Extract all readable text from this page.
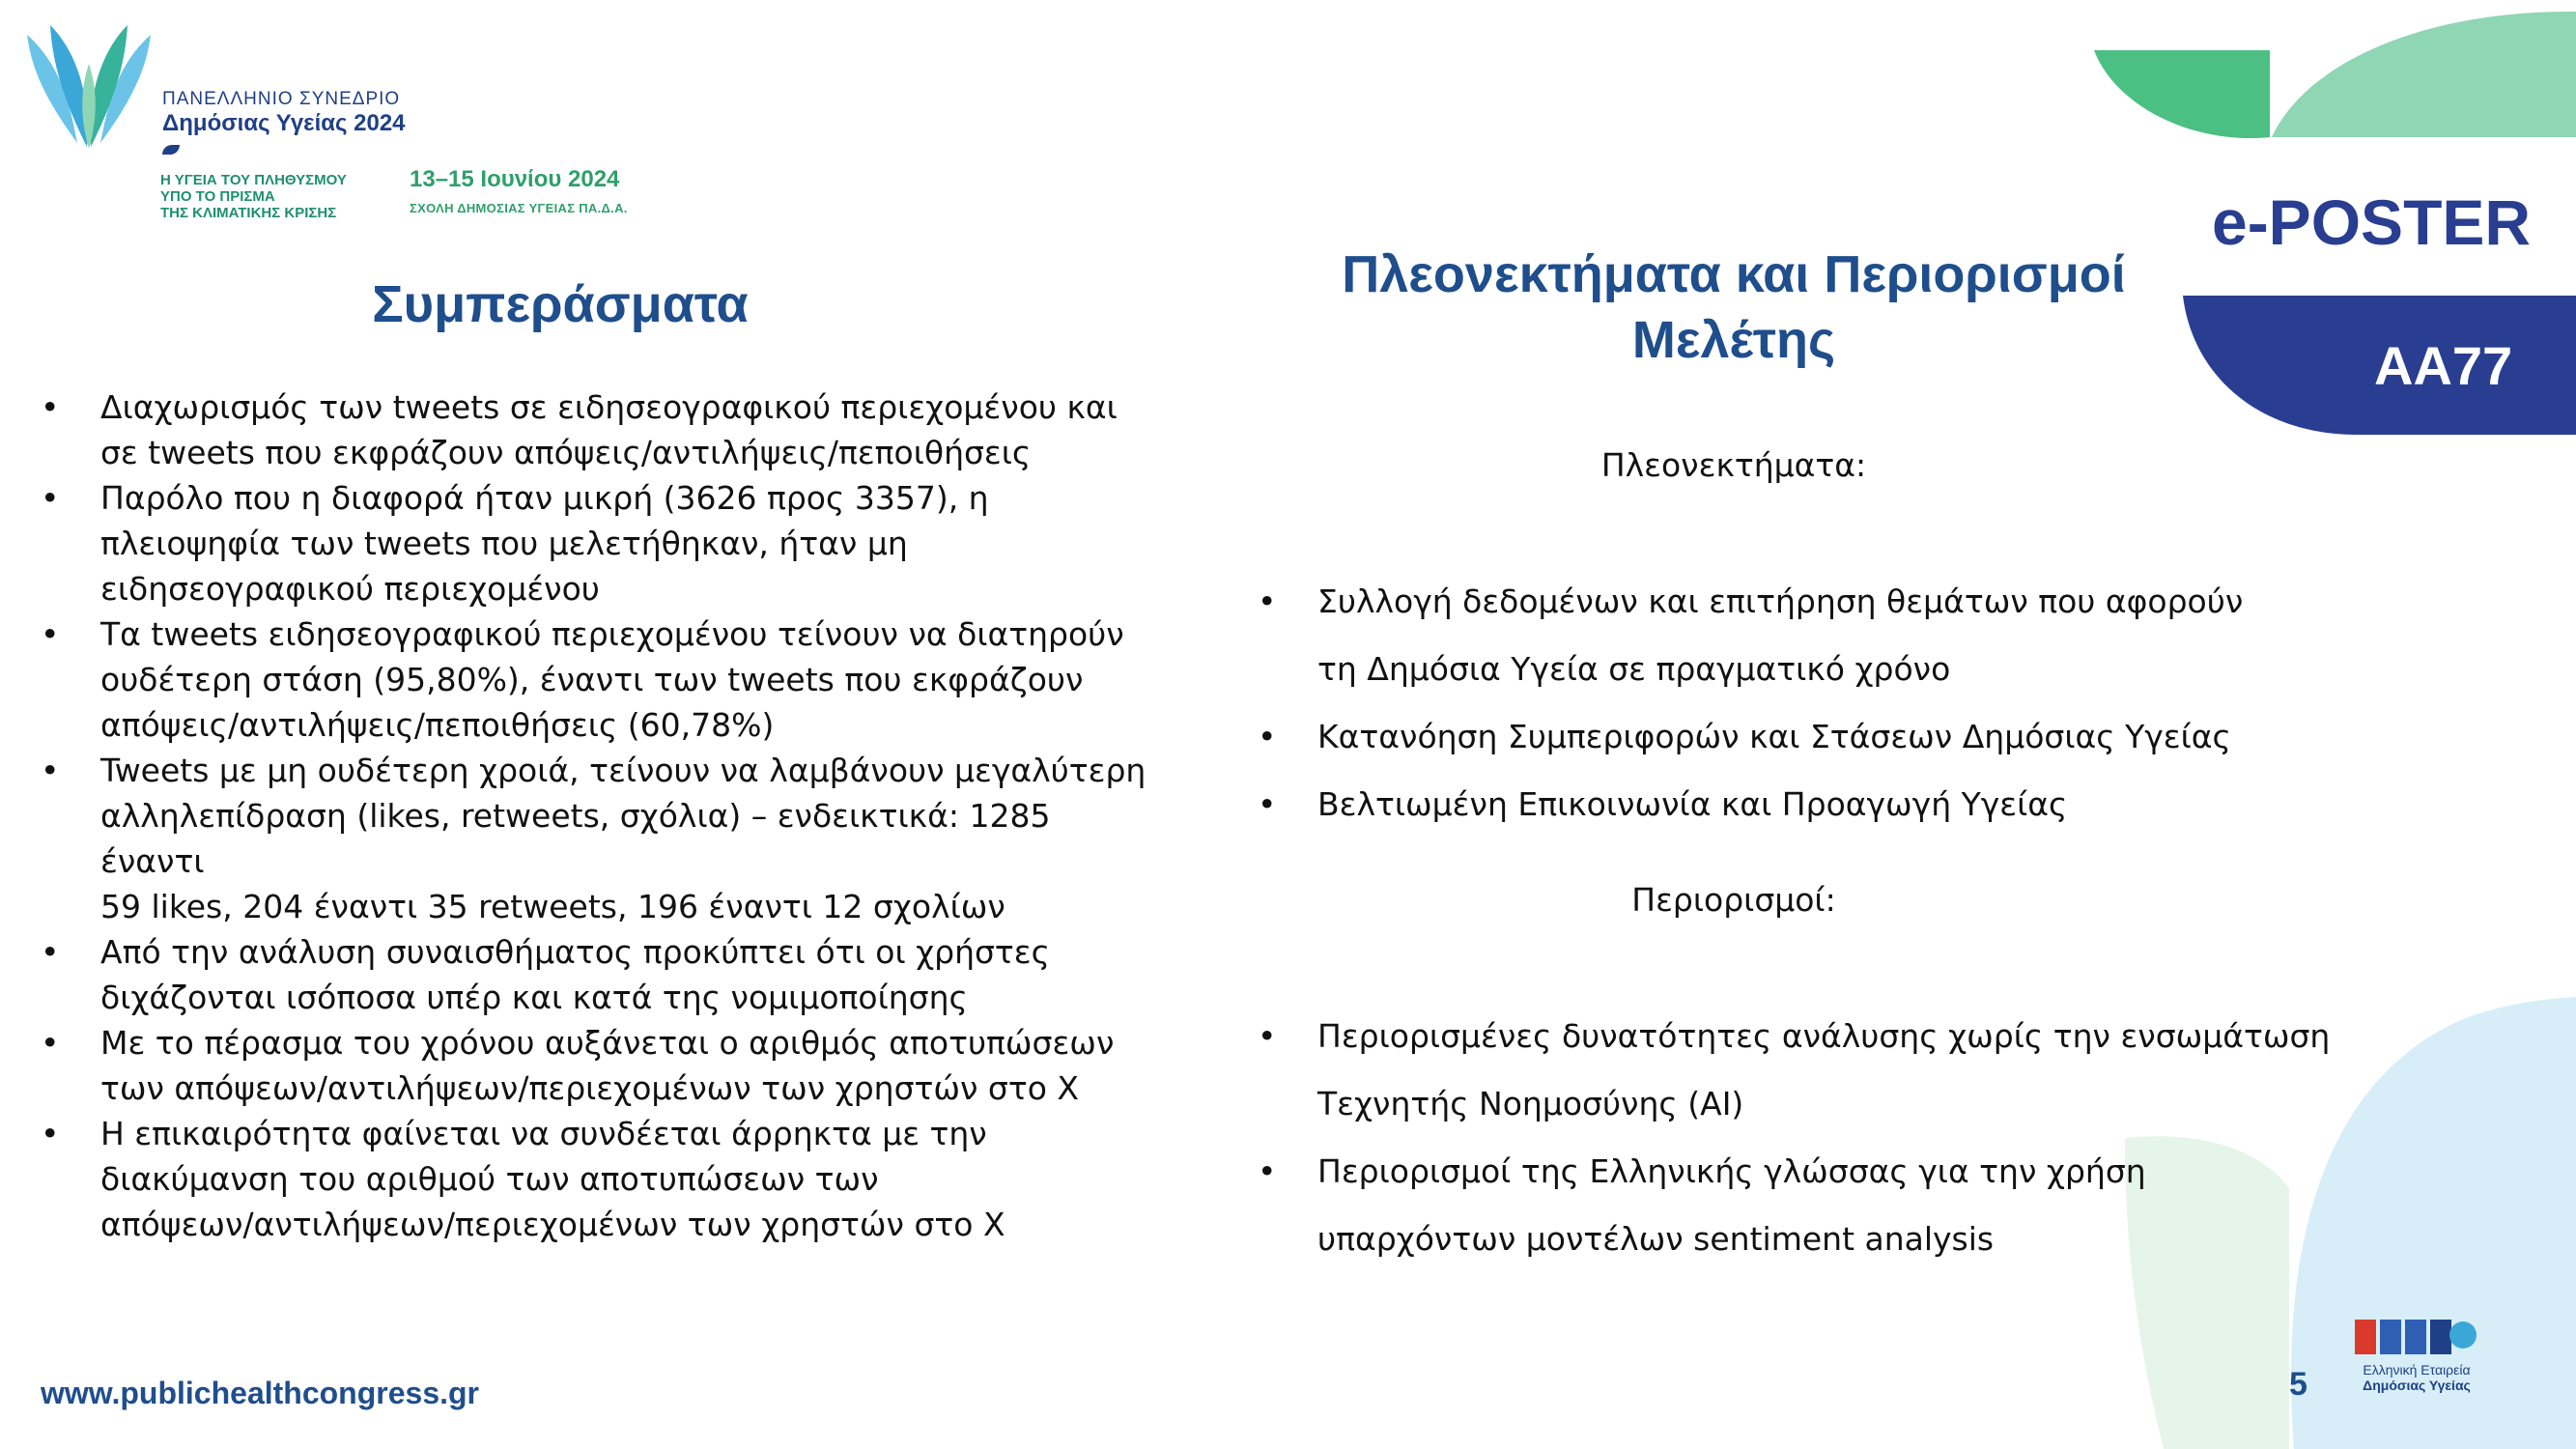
ΠΑΝΕΛΛΗΝΙΟ ΣΥΝΕΔΡΙΟ
Δημόσιας Υγείας 2024
Η ΥΓΕΙΑ ΤΟΥ ΠΛΗΘΥΣΜΟΥ
ΥΠΟ ΤΟ ΠΡΙΣΜΑ
ΤΗΣ ΚΛΙΜΑΤΙΚΗΣ ΚΡΙΣΗΣ
13–15 Ιουνίου 2024
ΣΧΟΛΗ ΔΗΜΟΣΙΑΣ ΥΓΕΙΑΣ ΠΑ.Δ.Α.	e-POSTER
AA77
Συμπεράσματα
• Διαχωρισμός των tweets σε ειδησεογραφικού περιεχομένου και
σε tweets που εκφράζουν απόψεις/αντιλήψεις/πεποιθήσεις
• Παρόλο που η διαφορά ήταν μικρή (3626 προς 3357), η
πλειοψηφία των tweets που μελετήθηκαν, ήταν μη
ειδησεογραφικού περιεχομένου
• Τα tweets ειδησεογραφικού περιεχομένου τείνουν να διατηρούν
ουδέτερη στάση (95,80%), έναντι των tweets που εκφράζουν
απόψεις/αντιλήψεις/πεποιθήσεις (60,78%)
• Tweets με μη ουδέτερη χροιά, τείνουν να λαμβάνουν μεγαλύτερη
αλληλεπίδραση (likes, retweets, σχόλια) – ενδεικτικά: 1285 έναντι
59 likes, 204 έναντι 35 retweets, 196 έναντι 12 σχολίων
• Από την ανάλυση συναισθήματος προκύπτει ότι οι χρήστες
διχάζονται ισόποσα υπέρ και κατά της νομιμοποίησης
• Με το πέρασμα του χρόνου αυξάνεται ο αριθμός αποτυπώσεων
των απόψεων/αντιλήψεων/περιεχομένων των χρηστών στο Χ
• Η επικαιρότητα φαίνεται να συνδέεται άρρηκτα με την
διακύμανση του αριθμού των αποτυπώσεων των
απόψεων/αντιλήψεων/περιεχομένων των χρηστών στο Χ
Πλεονεκτήματα και Περιορισμοί
Μελέτης
Πλεονεκτήματα:
• Συλλογή δεδομένων και επιτήρηση θεμάτων που αφορούν
τη Δημόσια Υγεία σε πραγματικό χρόνο
• Κατανόηση Συμπεριφορών και Στάσεων Δημόσιας Υγείας
• Βελτιωμένη Επικοινωνία και Προαγωγή Υγείας
Περιορισμοί:
• Περιορισμένες δυνατότητες ανάλυσης χωρίς την ενσωμάτωση
Τεχνητής Νοημοσύνης (AI)
• Περιορισμοί της Ελληνικής γλώσσας για την χρήση
υπαρχόντων μοντέλων sentiment analysis
www.publichealthcongress.gr	5	Ελληνική Εταιρεία
Δημόσιας Υγείας
